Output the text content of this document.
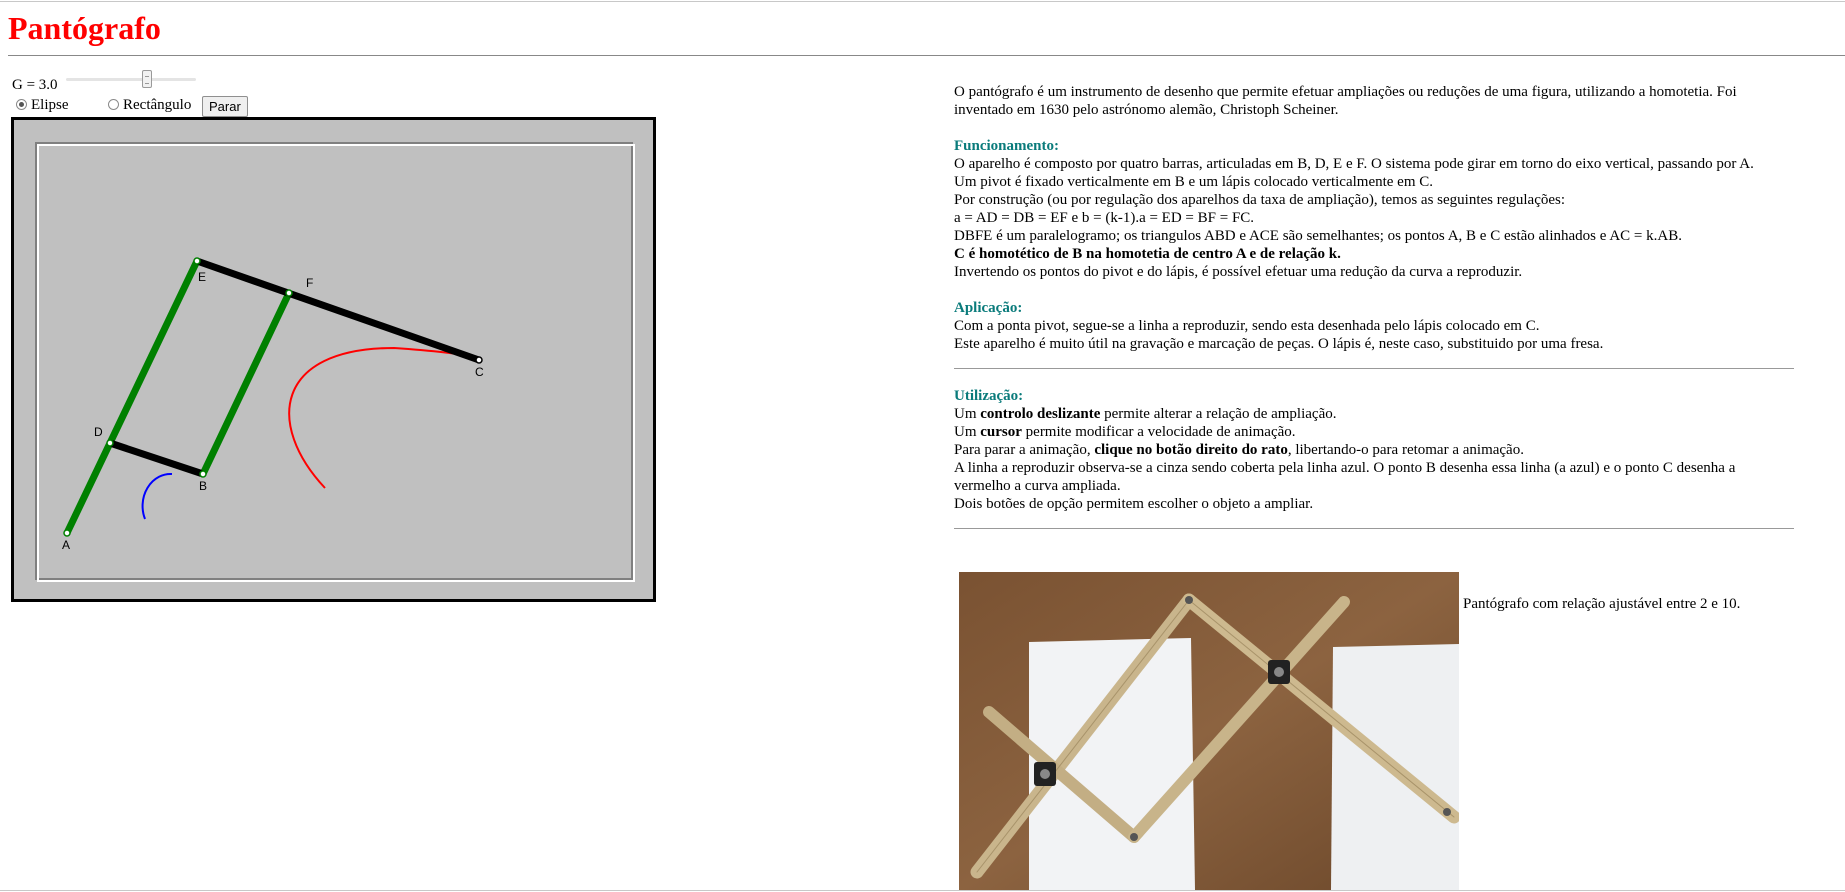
Pantógrafo
G = 3.0
Elipse	Rectângulo	Parar
A
B
C
D
E	F

O pantógrafo é um instrumento de desenho que permite efetuar ampliações ou reduções de uma figura, utilizando a homotetia. Foi inventado em 1630 pelo astrónomo alemão, Christoph Scheiner.

Funcionamento:

O aparelho é composto por quatro barras, articuladas em B, D, E e F. O sistema pode girar em torno do eixo vertical, passando por A.

Um pivot é fixado verticalmente em B e um lápis colocado verticalmente em C.

Por construção (ou por regulação dos aparelhos da taxa de ampliação), temos as seguintes regulações:

a = AD = DB = EF e b = (k-1).a = ED = BF = FC.

DBFE é um paralelogramo; os triangulos ABD e ACE são semelhantes; os pontos A, B e C estão alinhados e AC = k.AB.

C é homotético de B na homotetia de centro A e de relação k.

Invertendo os pontos do pivot e do lápis, é possível efetuar uma redução da curva a reproduzir.

Aplicação:

Com a ponta pivot, segue-se a linha a reproduzir, sendo esta desenhada pelo lápis colocado em C.

Este aparelho é muito útil na gravação e marcação de peças. O lápis é, neste caso, substituido por uma fresa.

Utilização:

Um controlo deslizante permite alterar a relação de ampliação.

Um cursor permite modificar a velocidade de animação.

Para parar a animação, clique no botão direito do rato, libertando-o para retomar a animação.

A linha a reproduzir observa-se a cinza sendo coberta pela linha azul. O ponto B desenha essa linha (a azul) e o ponto C desenha a vermelho a curva ampliada.

Dois botões de opção permitem escolher o objeto a ampliar.

Pantógrafo com relação ajustável entre 2 e 10.
